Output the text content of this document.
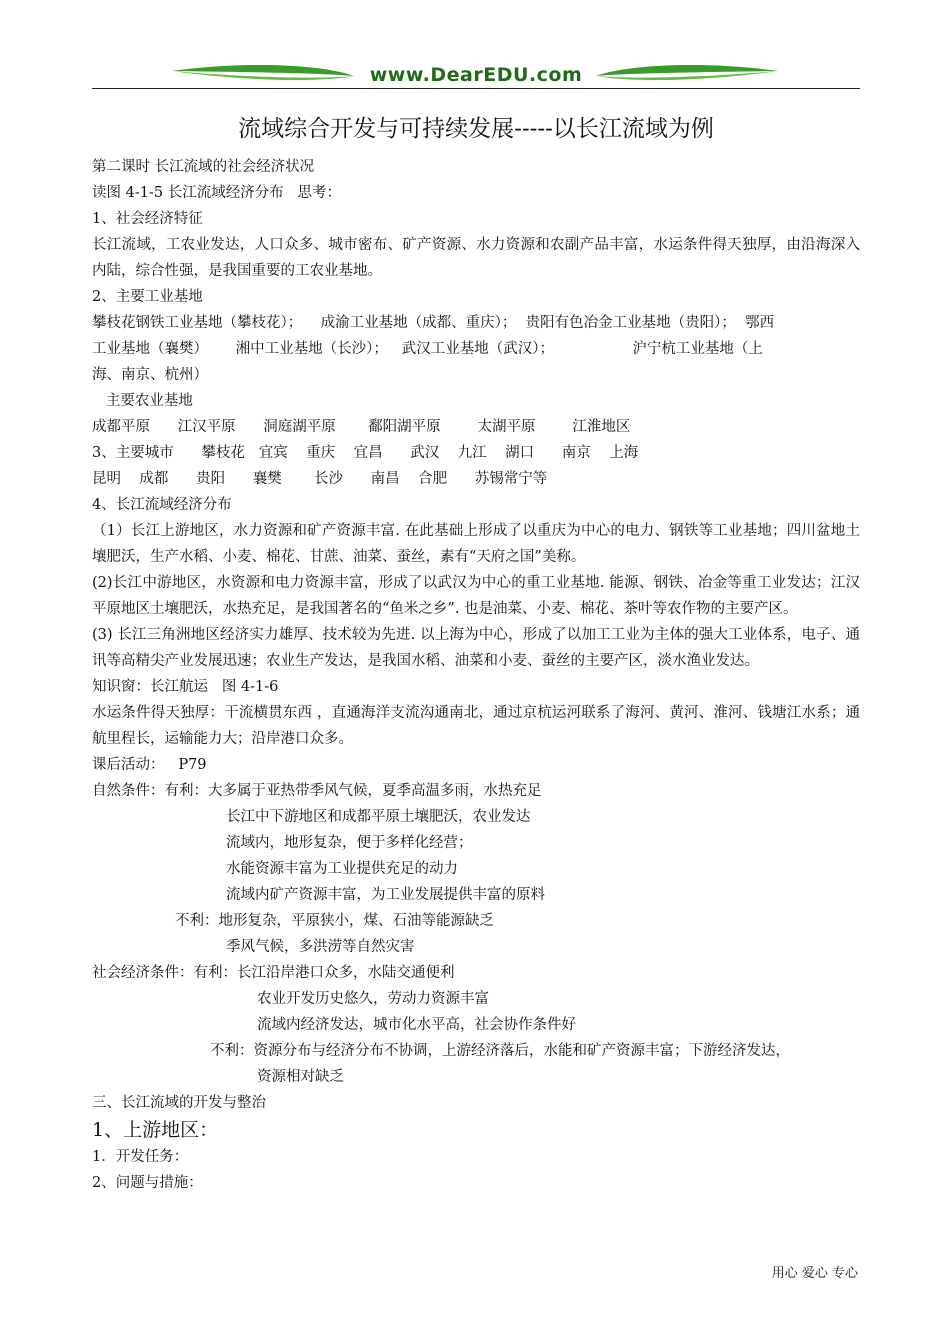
www.DearEDU.com
流域综合开发与可持续发展-----以长江流域为例
第二课时 长江流域的社会经济状况
读图 4-1-5 长江流域经济分布   思考：
1、社会经济特征
长江流域，工农业发达，人口众多、城市密布、矿产资源、水力资源和农副产品丰富，水运条件得天独厚，由沿海深入内陆，综合性强，是我国重要的工农业基地。
2、主要工业基地
攀枝花钢铁工业基地（攀枝花）；    成渝工业基地（成都、重庆）；  贵阳有色冶金工业基地（贵阳）；  鄂西
工业基地（襄樊）      湘中工业基地（长沙）；   武汉工业基地（武汉）；                 沪宁杭工业基地（上
海、南京、杭州）
主要农业基地
成都平原      江汉平原      洞庭湖平原       鄱阳湖平原        太湖平原        江淮地区
3、主要城市      攀枝花   宜宾    重庆    宜昌      武汉    九江    湖口      南京    上海
昆明    成都      贵阳      襄樊       长沙      南昌    合肥      苏锡常宁等
4、长江流域经济分布
（1）长江上游地区，水力资源和矿产资源丰富. 在此基础上形成了以重庆为中心的电力、钢铁等工业基地；四川盆地土壤肥沃，生产水稻、小麦、棉花、甘蔗、油菜、蚕丝，素有“天府之国”美称。
(2)长江中游地区，水资源和电力资源丰富，形成了以武汉为中心的重工业基地. 能源、钢铁、冶金等重工业发达；江汉平原地区土壤肥沃，水热充足，是我国著名的“鱼米之乡”. 也是油菜、小麦、棉花、茶叶等农作物的主要产区。
(3) 长江三角洲地区经济实力雄厚、技术较为先进. 以上海为中心，形成了以加工工业为主体的强大工业体系，电子、通讯等高精尖产业发展迅速；农业生产发达，是我国水稻、油菜和小麦、蚕丝的主要产区，淡水渔业发达。
知识窗：长江航运   图 4-1-6
水运条件得天独厚：干流横贯东西 ，直通海洋支流沟通南北，通过京杭运河联系了海河、黄河、淮河、钱塘江水系；通航里程长，运输能力大；沿岸港口众多。
课后活动：   P79
自然条件：有利：大多属于亚热带季风气候，夏季高温多雨，水热充足
长江中下游地区和成都平原土壤肥沃，农业发达
流域内，地形复杂，便于多样化经营；
水能资源丰富为工业提供充足的动力
流域内矿产资源丰富，为工业发展提供丰富的原料
不利：地形复杂，平原狭小，煤、石油等能源缺乏
季风气候，多洪涝等自然灾害
社会经济条件：有利：长江沿岸港口众多，水陆交通便利
农业开发历史悠久，劳动力资源丰富
流域内经济发达，城市化水平高，社会协作条件好
不利：资源分布与经济分布不协调，上游经济落后，水能和矿产资源丰富；下游经济发达，
资源相对缺乏
三、长江流域的开发与整治
1、上游地区：
1．开发任务：
2、问题与措施：
用心 爱心 专心
